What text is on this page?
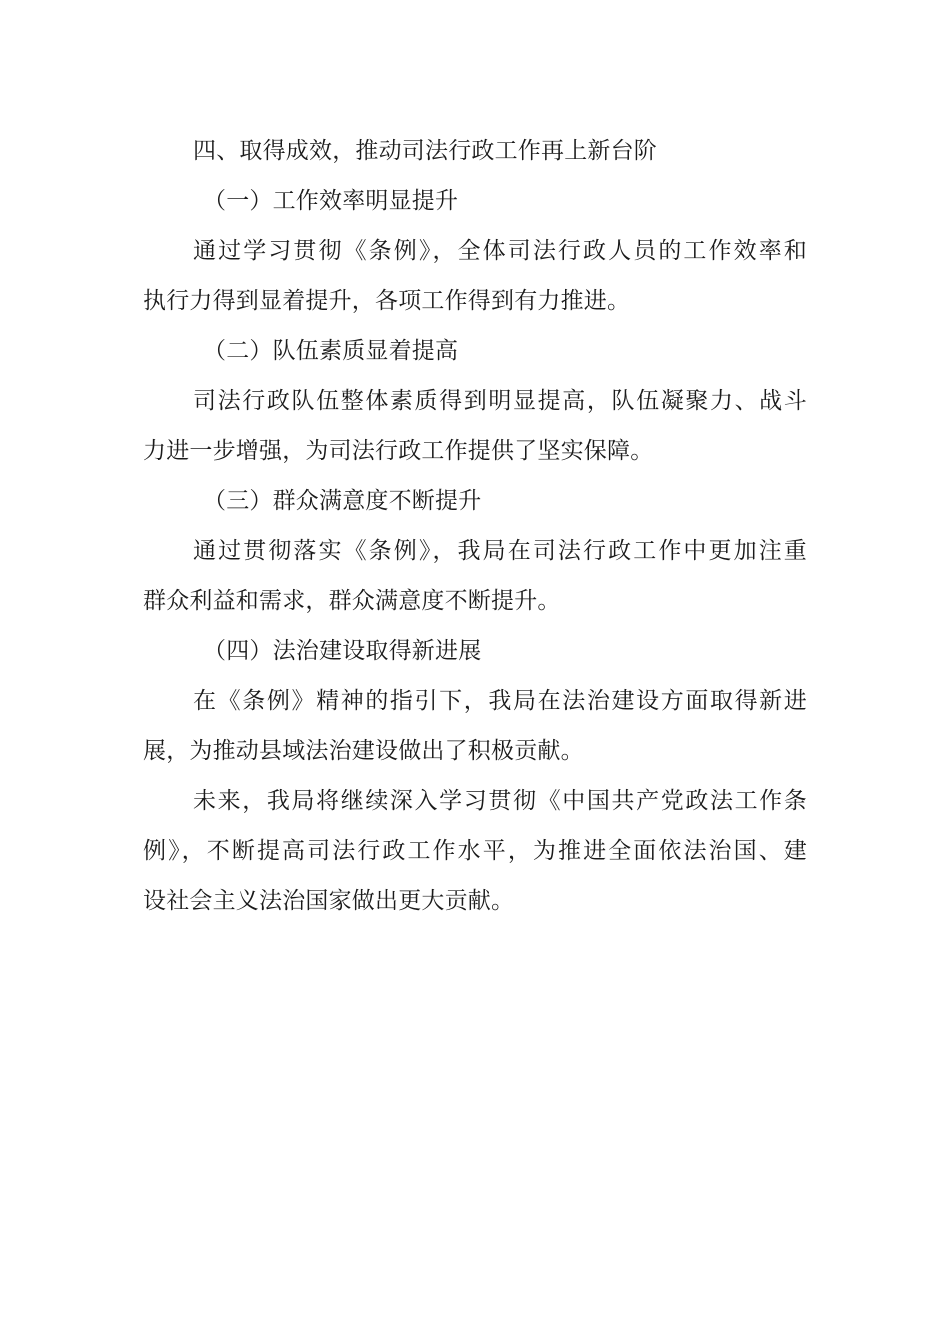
四、取得成效，推动司法行政工作再上新台阶
（一）工作效率明显提升
通过学习贯彻《条例》，全体司法行政人员的工作效率和
执行力得到显着提升，各项工作得到有力推进。
（二）队伍素质显着提高
司法行政队伍整体素质得到明显提高，队伍凝聚力、战斗
力进一步增强，为司法行政工作提供了坚实保障。
（三）群众满意度不断提升
通过贯彻落实《条例》，我局在司法行政工作中更加注重
群众利益和需求，群众满意度不断提升。
（四）法治建设取得新进展
在《条例》精神的指引下，我局在法治建设方面取得新进
展，为推动县域法治建设做出了积极贡献。
未来，我局将继续深入学习贯彻《中国共产党政法工作条
例》，不断提高司法行政工作水平，为推进全面依法治国、建
设社会主义法治国家做出更大贡献。
